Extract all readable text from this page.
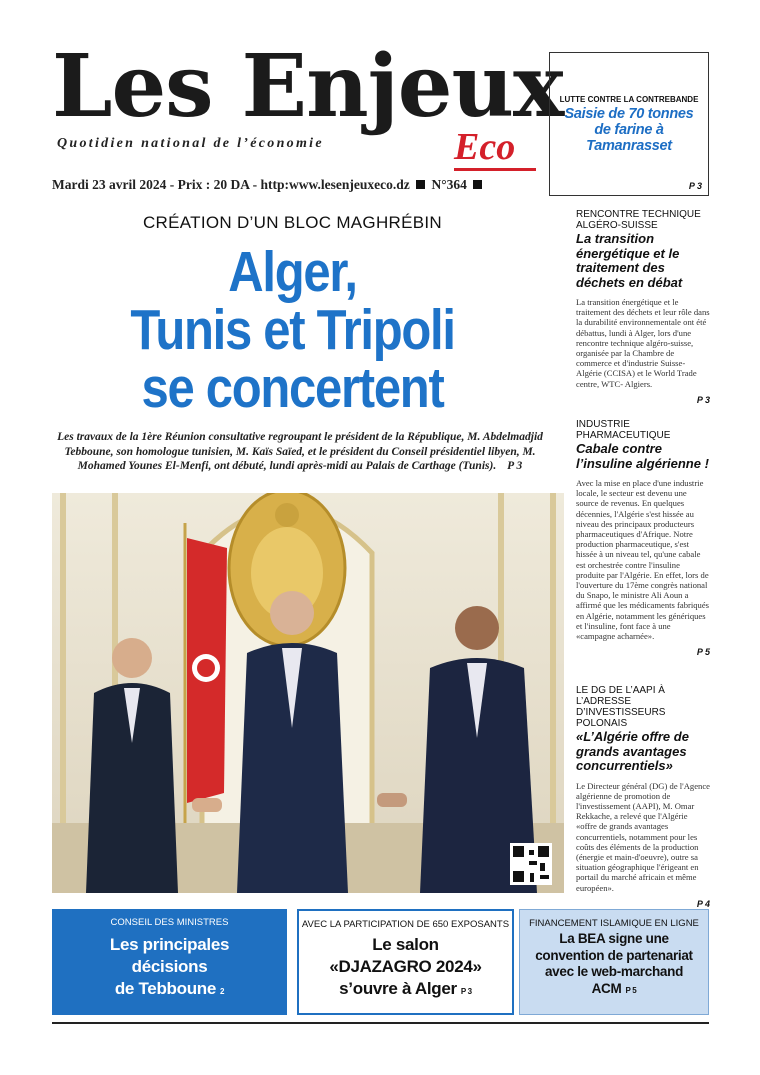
Les Enjeux
Quotidien national de l’économie	Eco
Mardi 23 avril 2024 - Prix : 20 DA - http:www.lesenjeuxeco.dz N°364
LUTTE CONTRE LA CONTREBANDE
Saisie de 70 tonnes de farine à Tamanrasset
P 3
CRÉATION D’UN BLOC MAGHRÉBIN
Alger,
Tunis et Tripoli
se concertent
Les travaux de la 1ère Réunion consultative regroupant le président de la République, M. Abdelmadjid Tebboune, son homologue tunisien, M. Kaïs Saïed, et le président du Conseil présidentiel libyen, M. Mohamed Younes El-Menfi, ont débuté, lundi après-midi au Palais de Carthage (Tunis). P 3
RENCONTRE TECHNIQUE ALGÉRO-SUISSE
La transition énergétique et le traitement des déchets en débat
La transition énergétique et le traitement des déchets et leur rôle dans la durabilité environnementale ont été débattus, lundi à Alger, lors d'une rencontre technique algéro-suisse, organisée par la Chambre de commerce et d'industrie Suisse-Algérie (CCISA) et le World Trade centre, WTC- Algiers.
P 3
INDUSTRIE PHARMACEUTIQUE
Cabale contre l’insuline algérienne !
Avec la mise en place d'une industrie locale, le secteur est devenu une source de revenus. En quelques décennies, l'Algérie s'est hissée au niveau des principaux producteurs pharmaceutiques d'Afrique. Notre production pharmaceutique, s'est hissée à un niveau tel, qu'une cabale est orchestrée contre l'insuline produite par l'Algérie. En effet, lors de l'ouverture du 17ème congrès national du Snapo, le ministre Ali Aoun a affirmé que les médicaments fabriqués en Algérie, notamment les génériques et l'insuline, font face à une «campagne acharnée».
P 5
LE DG DE L’AAPI À L’ADRESSE D’INVESTISSEURS POLONAIS
«L’Algérie offre de grands avantages concurrentiels»
Le Directeur général (DG) de l'Agence algérienne de promotion de l'investissement (AAPI), M. Omar Rekkache, a relevé que l'Algérie «offre de grands avantages concurrentiels, notamment pour les coûts des éléments de la production (énergie et main-d'oeuvre), outre sa situation géographique l'érigeant en portail du marché africain et même européen».
P 4
CONSEIL DES MINISTRES
Les principales
décisions
de Tebboune 2
AVEC LA PARTICIPATION DE 650 EXPOSANTS
Le salon
«DJAZAGRO 2024»
s’ouvre à Alger P 3
FINANCEMENT ISLAMIQUE EN LIGNE
La BEA signe une
convention de partenariat
avec le web-marchand
ACM P 5
